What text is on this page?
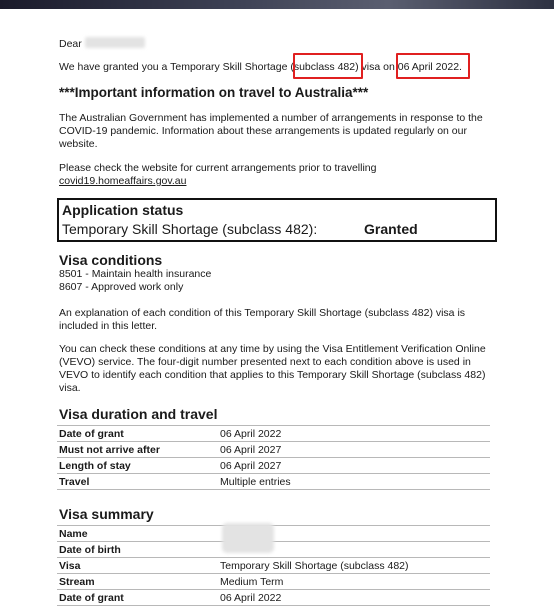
Dear
We have granted you a Temporary Skill Shortage (subclass 482) visa on 06 April 2022.
***Important information on travel to Australia***
The Australian Government has implemented a number of arrangements in response to the
COVID-19 pandemic. Information about these arrangements is updated regularly on our
website.
Please check the website for current arrangements prior to travelling
covid19.homeaffairs.gov.au
Application status
Temporary Skill Shortage (subclass 482):	Granted
Visa conditions
8501 - Maintain health insurance
8607 - Approved work only
An explanation of each condition of this Temporary Skill Shortage (subclass 482) visa is
included in this letter.
You can check these conditions at any time by using the Visa Entitlement Verification Online
(VEVO) service. The four-digit number presented next to each condition above is used in
VEVO to identify each condition that applies to this Temporary Skill Shortage (subclass 482)
visa.
Visa duration and travel
Date of grant	06 April 2022
Must not arrive after	06 April 2027
Length of stay	06 April 2027
Travel	Multiple entries
Visa summary
Name	
Date of birth	
Visa	Temporary Skill Shortage (subclass 482)
Stream	Medium Term
Date of grant	06 April 2022
